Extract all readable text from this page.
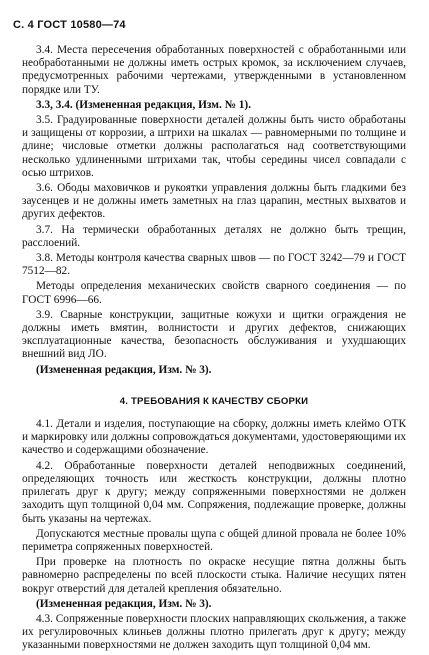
С. 4 ГОСТ 10580—74

3.4. Места пересечения обработанных поверхностей с обработанными или необработанными не должны иметь острых кромок, за исключением случаев, предусмотренных рабочими чертежами, утвержденными в установленном порядке или ТУ.

3.3, 3.4. (Измененная редакция, Изм. № 1).

3.5. Градуированные поверхности деталей должны быть чисто обработаны и защищены от коррозии, а штрихи на шкалах — равномерными по толщине и длине; числовые отметки должны располагаться над соответствующими несколько удлиненными штрихами так, чтобы середины чисел совпадали с осью штрихов.

3.6. Ободы маховичков и рукоятки управления должны быть гладкими без заусенцев и не должны иметь заметных на глаз царапин, местных выхватов и других дефектов.

3.7. На термически обработанных деталях не должно быть трещин, расслоений.

3.8. Методы контроля качества сварных швов — по ГОСТ 3242—79 и ГОСТ 7512—82.

Методы определения механических свойств сварного соединения — по ГОСТ 6996—66.

3.9. Сварные конструкции, защитные кожухи и щитки ограждения не должны иметь вмятин, волнистости и других дефектов, снижающих эксплуатационные качества, безопасность обслуживания и ухудшающих внешний вид ЛО.

(Измененная редакция, Изм. № 3).

4. ТРЕБОВАНИЯ К КАЧЕСТВУ СБОРКИ

4.1. Детали и изделия, поступающие на сборку, должны иметь клеймо ОТК и маркировку или должны сопровождаться документами, удостоверяющими их качество и содержащими обозначение.

4.2. Обработанные поверхности деталей неподвижных соединений, определяющих точность или жесткость конструкции, должны плотно прилегать друг к другу; между сопряженными поверхностями не должен заходить щуп толщиной 0,04 мм. Сопряжения, подлежащие проверке, должны быть указаны на чертежах.

Допускаются местные провалы щупа с общей длиной провала не более 10% периметра сопряженных поверхностей.

При проверке на плотность по окраске несущие пятна должны быть равномерно распределены по всей плоскости стыка. Наличие несущих пятен вокруг отверстий для деталей крепления обязательно.

(Измененная редакция, Изм. № 3).

4.3. Сопряженные поверхности плоских направляющих скольжения, а также их регулировочных клиньев должны плотно прилегать друг к другу; между указанными поверхностями не должен заходить щуп толщиной 0,04 мм.
